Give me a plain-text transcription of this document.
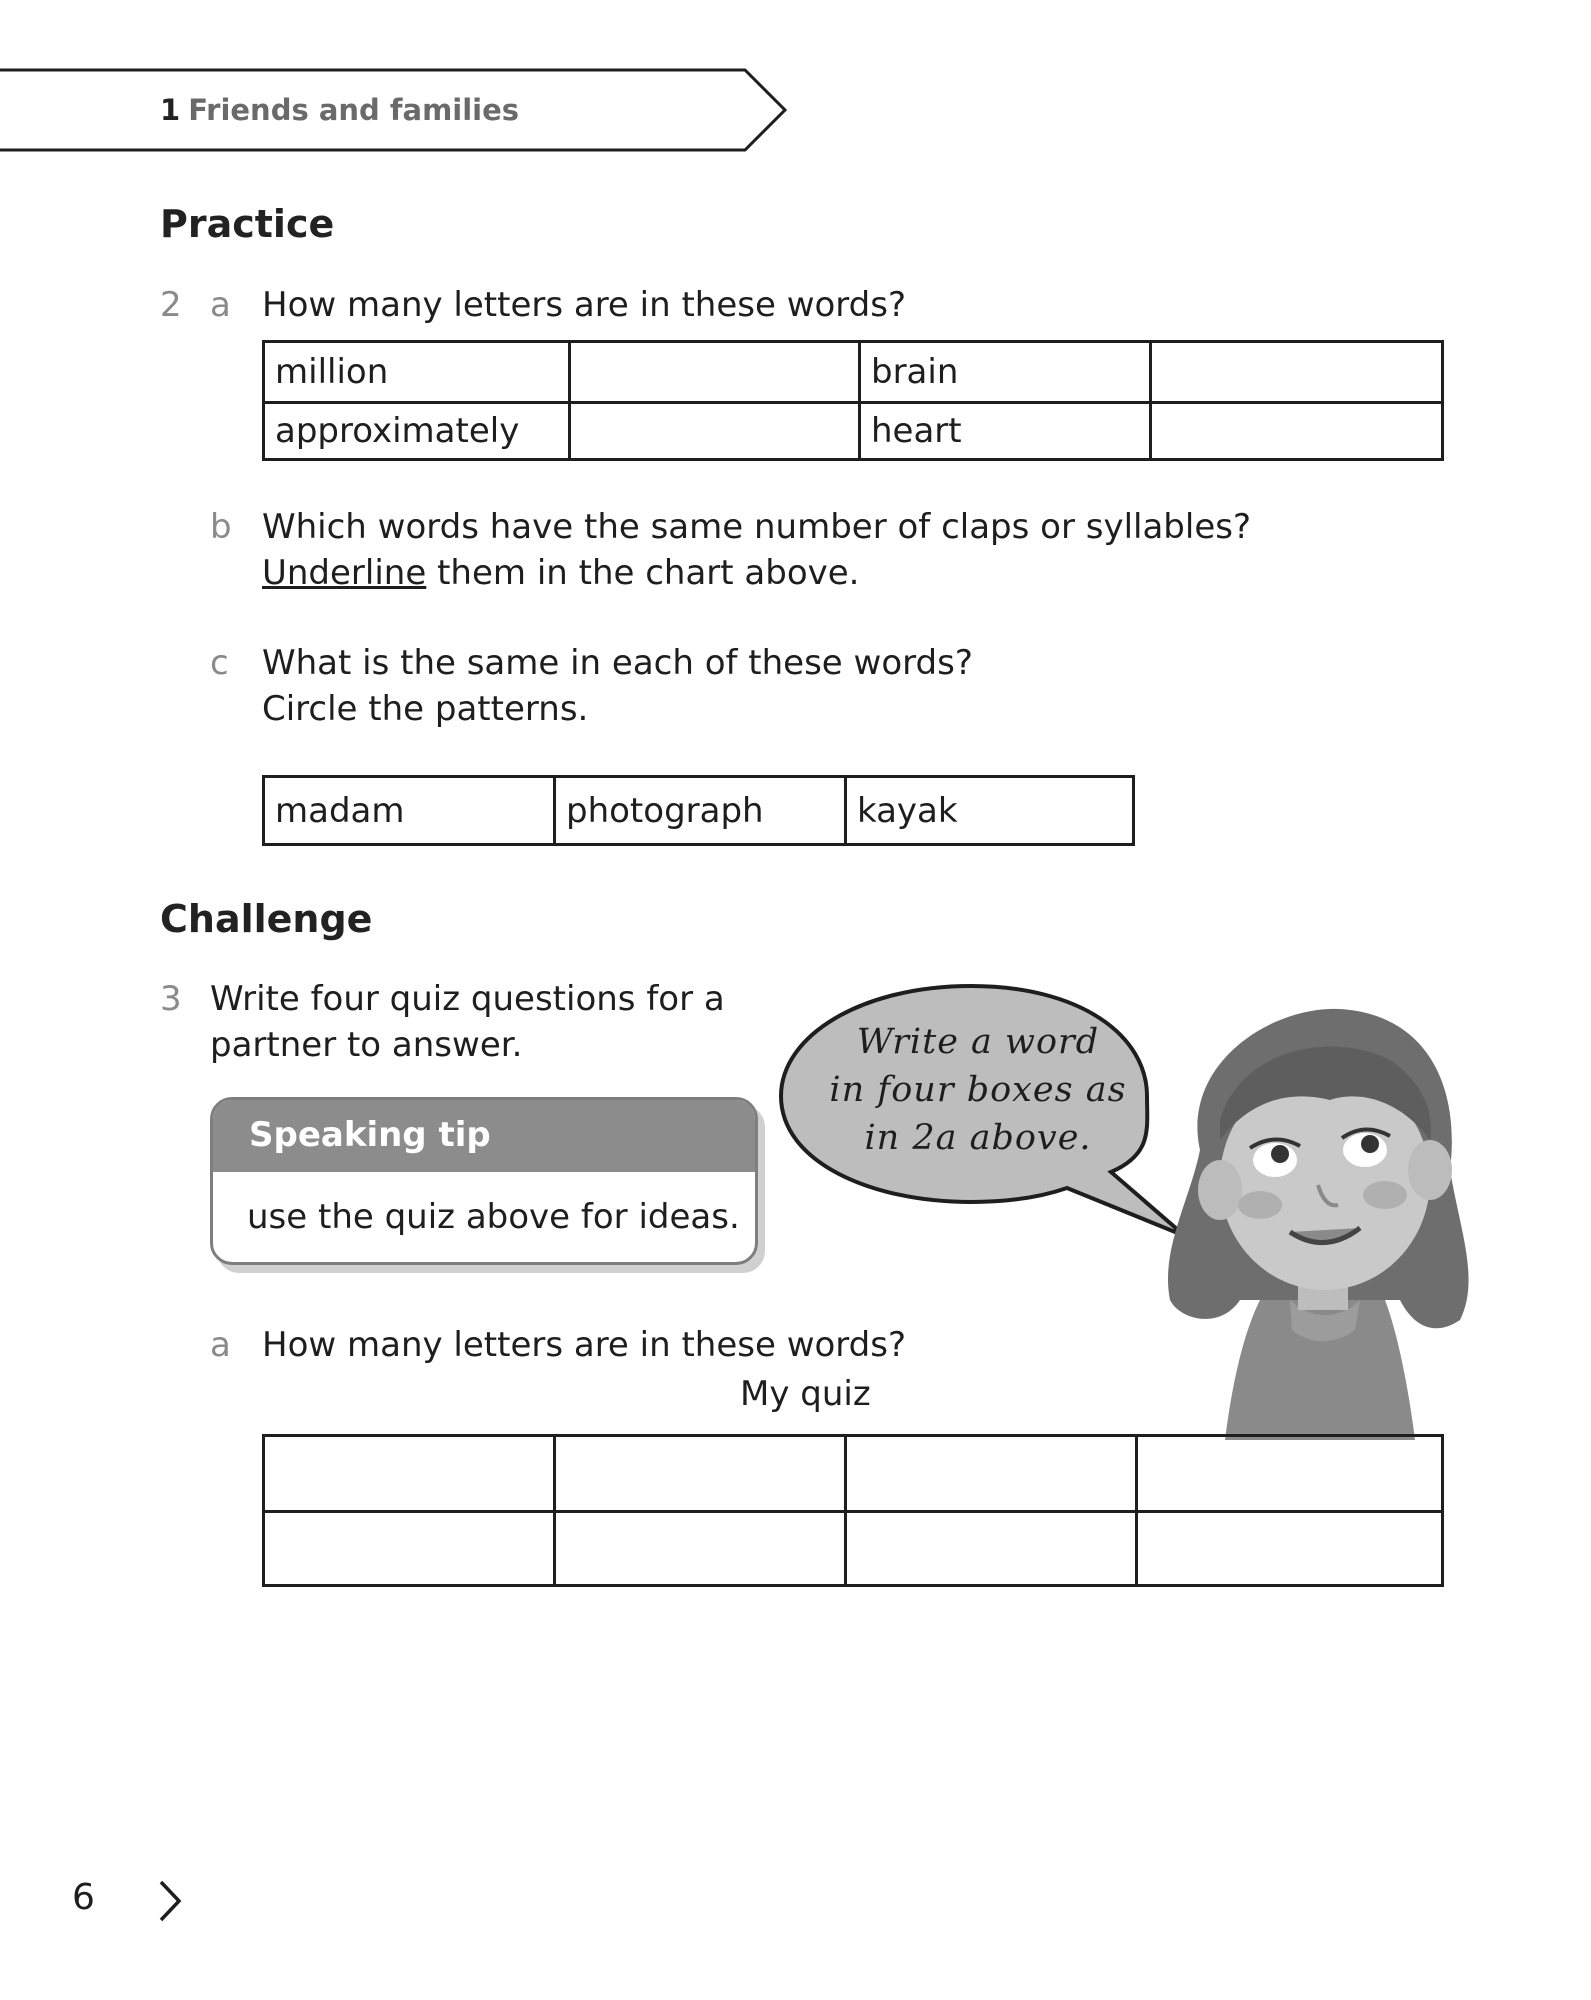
1 Friends and families
Practice
2 a How many letters are in these words?
million		brain	
approximately		heart	
b Which words have the same number of claps or syllables?
Underline them in the chart above.
c What is the same in each of these words?
Circle the patterns.
madam	photograph	kayak
Challenge
3 Write four quiz questions for a
partner to answer.
Speaking tip
use the quiz above for ideas.
Write a word
in four boxes as
in 2a above.
a How many letters are in these words?
My quiz

6
